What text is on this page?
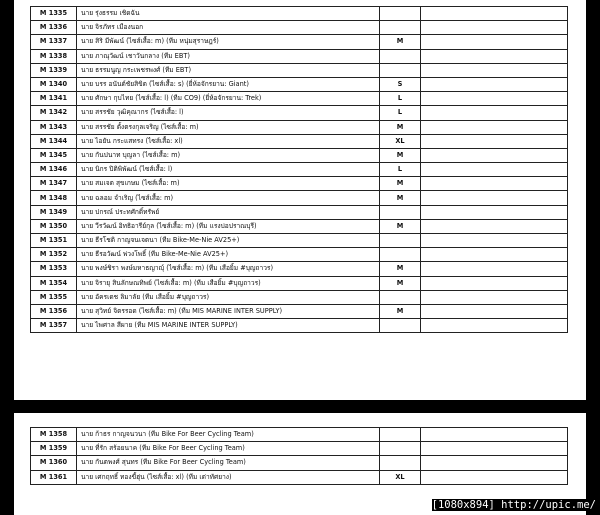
M 1335	นาย รุ่งธรรม เชิดฉัน		
M 1336	นาย จิรภัทร เมืองนอก		
M 1337	นาย สิริ มีพัฒน์ (ไซส์เสื้อ: m) (ทีม หนุ่มสุราษฎร์)	M	
M 1338	นาย ภาณุวัฒน์ เชาวันกลาง (ทีม EBT)		
M 1339	นาย ธรรมนูญ กระเพชรพงศ์ (ทีม EBT)		
M 1340	นาย บรร อนันต์ชัยสิขิต (ไซส์เสื้อ: s) (ยี่ห้อจักรยาน: Giant)	S	
M 1341	นาย ศักษา กุบไทย (ไซส์เสื้อ: l) (ทีม CO9) (ยี่ห้อจักรยาน: Trek)	L	
M 1342	นาย สรรชัย วุฒิคุณากร (ไซส์เสื้อ: l)	L	
M 1343	นาย สรรชัย ตั้งตรงกุลเจริญ (ไซส์เสื้อ: m)	M	
M 1344	นาย ไอยัน กระแสทรง (ไซส์เสื้อ: xl)	XL	
M 1345	นาย กันปนาท บุญลา (ไซส์เสื้อ: m)	M	
M 1346	นาย นิกร ปิติพิพัฒน์ (ไซส์เสื้อ: l)	L	
M 1347	นาย สมเจต สุขเกษม (ไซส์เสื้อ: m)	M	
M 1348	นาย ฉลอม จำเริญ (ไซส์เสื้อ: m)	M	
M 1349	นาย ปกรณ์ ประทศักดิ์ทรัพย์		
M 1350	นาย วีรวัฒน์ อิทธิอารีย์กุล (ไซส์เสื้อ: m) (ทีม แรงบ่อปราณบุรี)	M	
M 1351	นาย ธีรโชติ กาญจนเจตนา (ทีม Bike-Me-Nie AV25+)		
M 1352	นาย ธีรอวัฒน์ พ่วงโพธิ์ (ทีม Bike-Me-Nie AV25+)		
M 1353	นาย พงษ์ชิรา พงษ์มหาธญาญุ์ (ไซส์เสื้อ: m) (ทีม เสือยิ้ม #บุญถาวร)	M	
M 1354	นาย จิรายุ สินลักษณทิพย์ (ไซส์เสื้อ: m) (ทีม เสือยิ้ม #บุญถาวร)	M	
M 1355	นาย อัครเดช ลิมาลัย (ทีม เสือยิ้ม #บุญถาวร)		
M 1356	นาย สุวิทย์ จิตรรอด (ไซส์เสื้อ: m) (ทีม MIS MARINE INTER SUPPLY)	M	
M 1357	นาย ไพศาล สีผาย (ทีม MIS MARINE INTER SUPPLY)		
M 1358	นาย ก้าธร กาญจนวนา (ทีม Bike For Beer Cycling Team)		
M 1359	นาย ที่รัก สร้อยนาค (ทีม Bike For Beer Cycling Team)		
M 1360	นาย กันตพงศ์ สุนทร (ทีม Bike For Beer Cycling Team)		
M 1361	นาย เศกฤทธิ์ ทองขี้ฮุ่น (ไซส์เสื้อ: xl) (ทีม เต่าทัศยาง)	XL	
[1080x894] http://upic.me/
